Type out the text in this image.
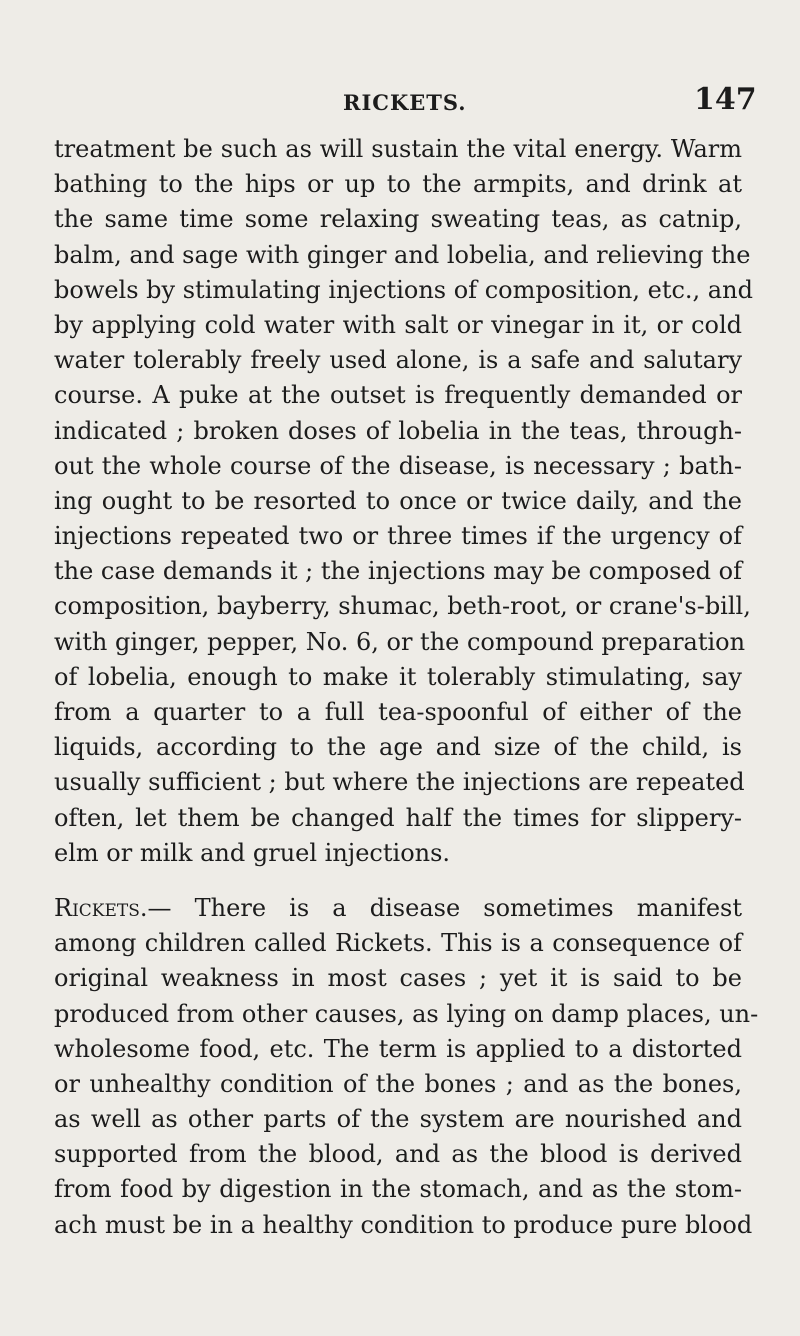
RICKETS.	147
treatment be such as will sustain the vital energy. Warm
bathing to the hips or up to the armpits, and drink at
the same time some relaxing sweating teas, as catnip,
balm, and sage with ginger and lobelia, and relieving the
bowels by stimulating injections of composition, etc., and
by applying cold water with salt or vinegar in it, or cold
water tolerably freely used alone, is a safe and salutary
course. A puke at the outset is frequently demanded or
indicated ; broken doses of lobelia in the teas, through-
out the whole course of the disease, is necessary ; bath-
ing ought to be resorted to once or twice daily, and the
injections repeated two or three times if the urgency of
the case demands it ; the injections may be composed of
composition, bayberry, shumac, beth-root, or crane's-bill,
with ginger, pepper, No. 6, or the compound preparation
of lobelia, enough to make it tolerably stimulating, say
from a quarter to a full tea-spoonful of either of the
liquids, according to the age and size of the child, is
usually sufficient ; but where the injections are repeated
often, let them be changed half the times for slippery-
elm or milk and gruel injections.
Rickets.— There is a disease sometimes manifest
among children called Rickets. This is a consequence of
original weakness in most cases ; yet it is said to be
produced from other causes, as lying on damp places, un-
wholesome food, etc. The term is applied to a distorted
or unhealthy condition of the bones ; and as the bones,
as well as other parts of the system are nourished and
supported from the blood, and as the blood is derived
from food by digestion in the stomach, and as the stom-
ach must be in a healthy condition to produce pure blood
